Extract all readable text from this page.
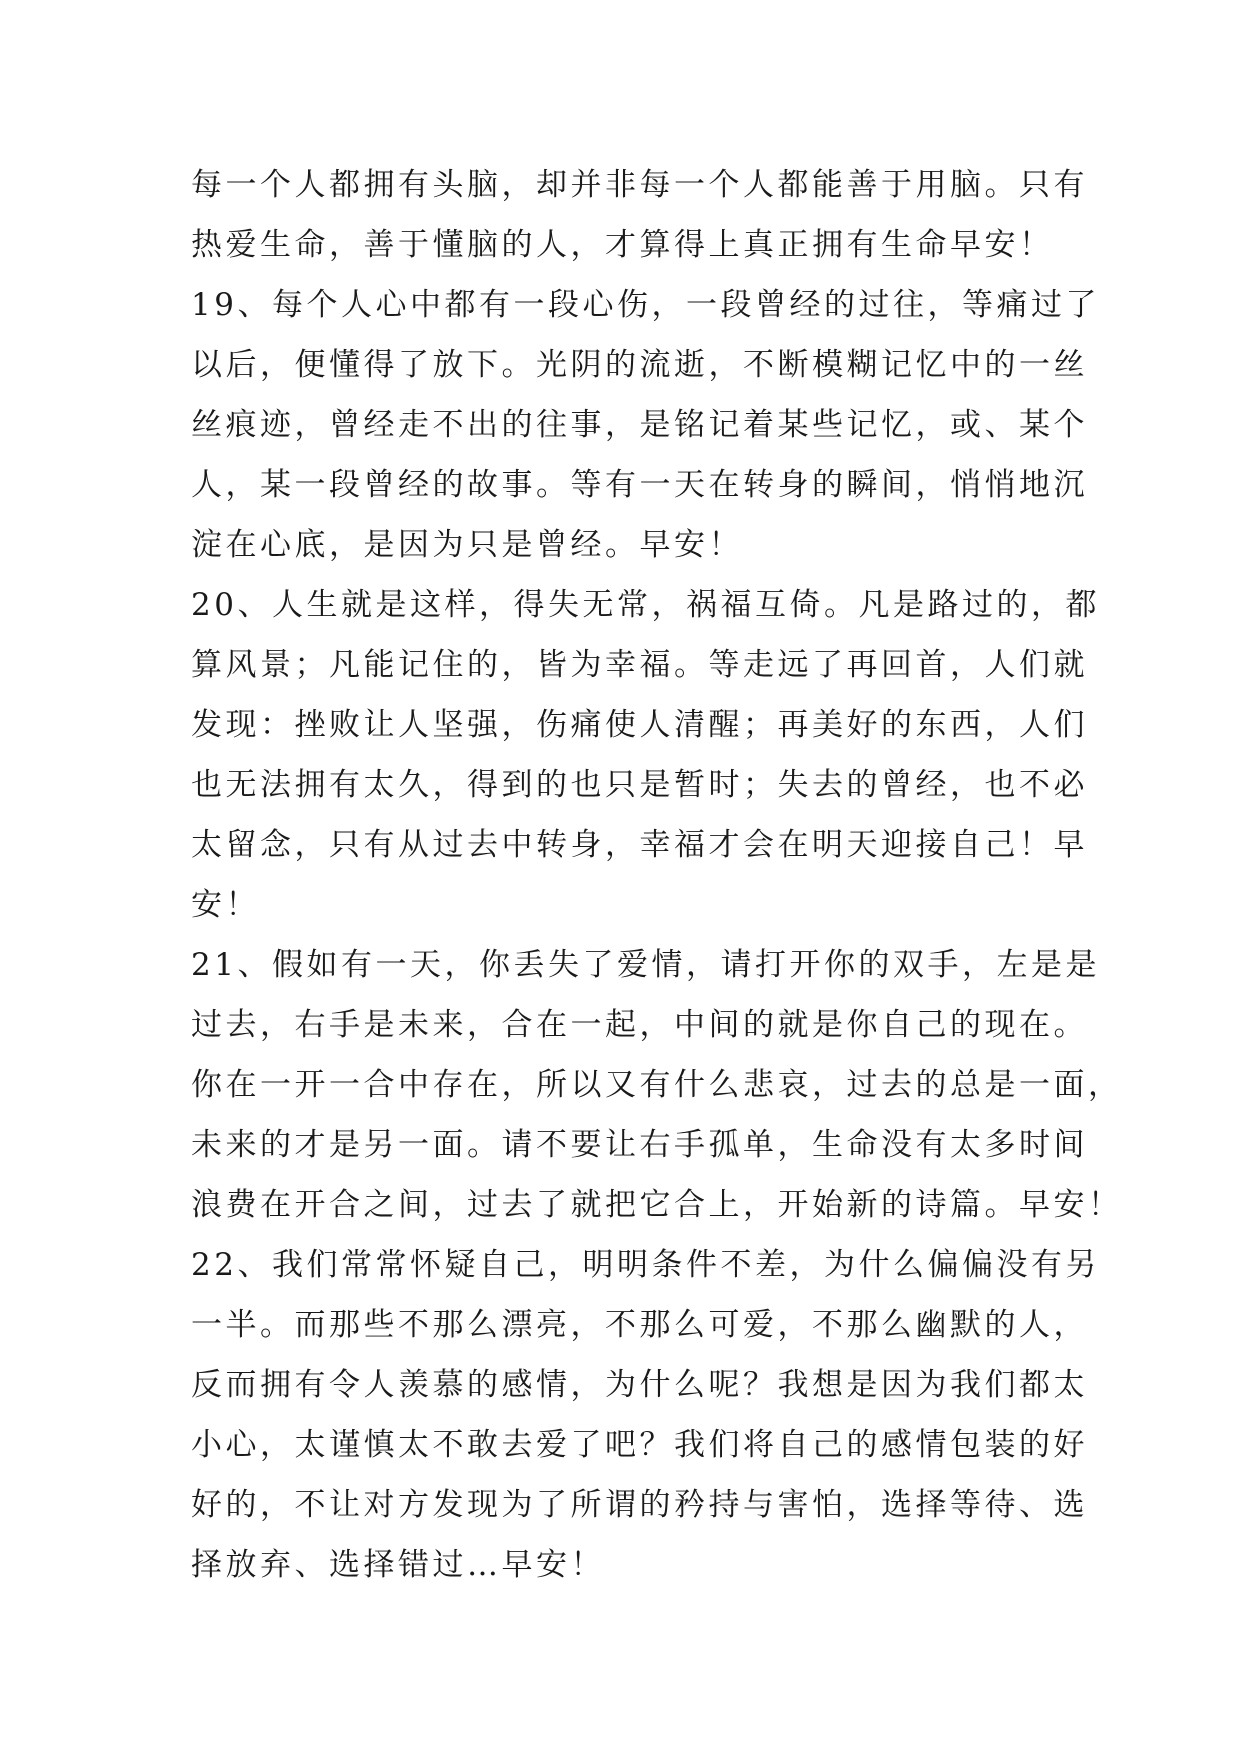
每一个人都拥有头脑，却并非每一个人都能善于用脑。只有
热爱生命，善于懂脑的人，才算得上真正拥有生命早安！
19、每个人心中都有一段心伤，一段曾经的过往，等痛过了
以后，便懂得了放下。光阴的流逝，不断模糊记忆中的一丝
丝痕迹，曾经走不出的往事，是铭记着某些记忆，或、某个
人，某一段曾经的故事。等有一天在转身的瞬间，悄悄地沉
淀在心底，是因为只是曾经。早安！
20、人生就是这样，得失无常，祸福互倚。凡是路过的，都
算风景；凡能记住的，皆为幸福。等走远了再回首，人们就
发现：挫败让人坚强，伤痛使人清醒；再美好的东西，人们
也无法拥有太久，得到的也只是暂时；失去的曾经，也不必
太留念，只有从过去中转身，幸福才会在明天迎接自己！早
安！
21、假如有一天，你丢失了爱情，请打开你的双手，左是是
过去，右手是未来，合在一起，中间的就是你自己的现在。
你在一开一合中存在，所以又有什么悲哀，过去的总是一面，
未来的才是另一面。请不要让右手孤单，生命没有太多时间
浪费在开合之间，过去了就把它合上，开始新的诗篇。早安！
22、我们常常怀疑自己，明明条件不差，为什么偏偏没有另
一半。而那些不那么漂亮，不那么可爱，不那么幽默的人，
反而拥有令人羡慕的感情，为什么呢？我想是因为我们都太
小心，太谨慎太不敢去爱了吧？我们将自己的感情包装的好
好的，不让对方发现为了所谓的矜持与害怕，选择等待、选
择放弃、选择错过…早安！
